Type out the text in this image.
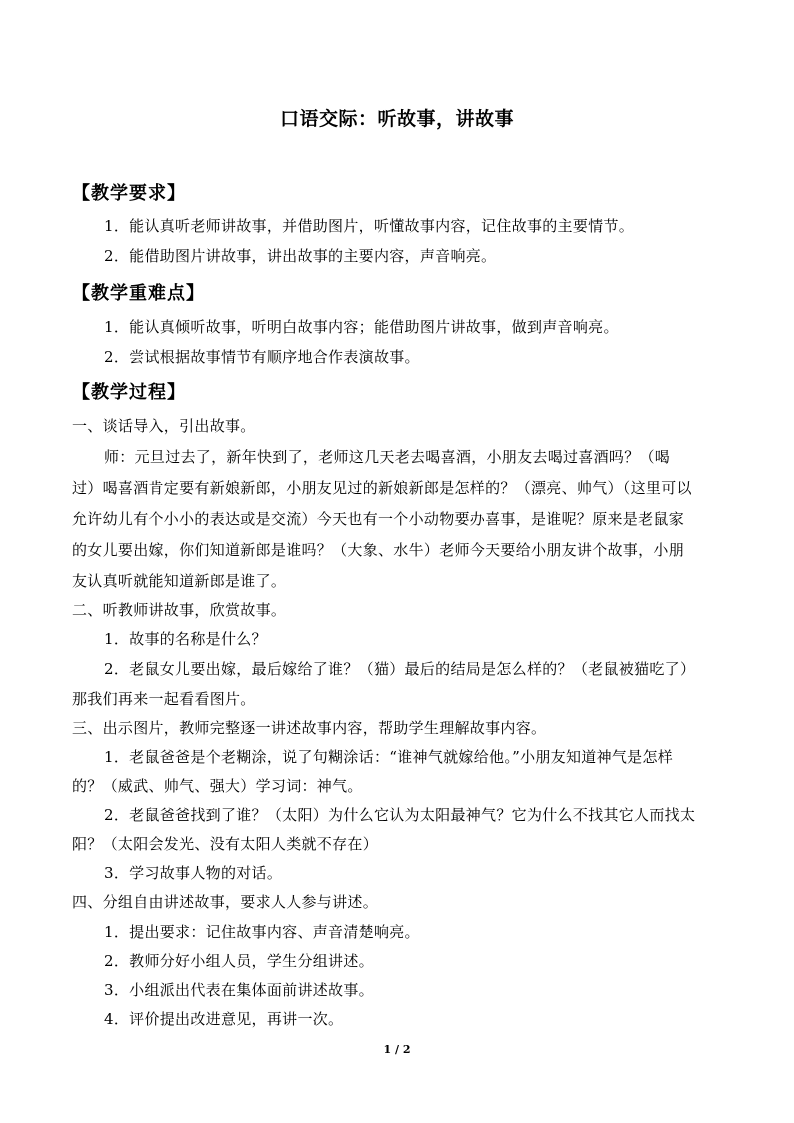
口语交际：听故事，讲故事
【教学要求】
1．能认真听老师讲故事，并借助图片，听懂故事内容，记住故事的主要情节。
2．能借助图片讲故事，讲出故事的主要内容，声音响亮。
【教学重难点】
1．能认真倾听故事，听明白故事内容；能借助图片讲故事，做到声音响亮。
2．尝试根据故事情节有顺序地合作表演故事。
【教学过程】
一、谈话导入，引出故事。
师：元旦过去了，新年快到了，老师这几天老去喝喜酒，小朋友去喝过喜酒吗？（喝
过）喝喜酒肯定要有新娘新郎，小朋友见过的新娘新郎是怎样的？（漂亮、帅气）（这里可以
允许幼儿有个小小的表达或是交流）今天也有一个小动物要办喜事，是谁呢？原来是老鼠家
的女儿要出嫁，你们知道新郎是谁吗？（大象、水牛）老师今天要给小朋友讲个故事，小朋
友认真听就能知道新郎是谁了。
二、听教师讲故事，欣赏故事。
1．故事的名称是什么？
2．老鼠女儿要出嫁，最后嫁给了谁？（猫）最后的结局是怎么样的？（老鼠被猫吃了）
那我们再来一起看看图片。
三、出示图片，教师完整逐一讲述故事内容，帮助学生理解故事内容。
1．老鼠爸爸是个老糊涂，说了句糊涂话：“谁神气就嫁给他。”小朋友知道神气是怎样
的？（威武、帅气、强大）学习词：神气。
2．老鼠爸爸找到了谁？（太阳）为什么它认为太阳最神气？它为什么不找其它人而找太
阳？（太阳会发光、没有太阳人类就不存在）
3．学习故事人物的对话。
四、分组自由讲述故事，要求人人参与讲述。
1．提出要求：记住故事内容、声音清楚响亮。
2．教师分好小组人员，学生分组讲述。
3．小组派出代表在集体面前讲述故事。
4．评价提出改进意见，再讲一次。
1 / 2
